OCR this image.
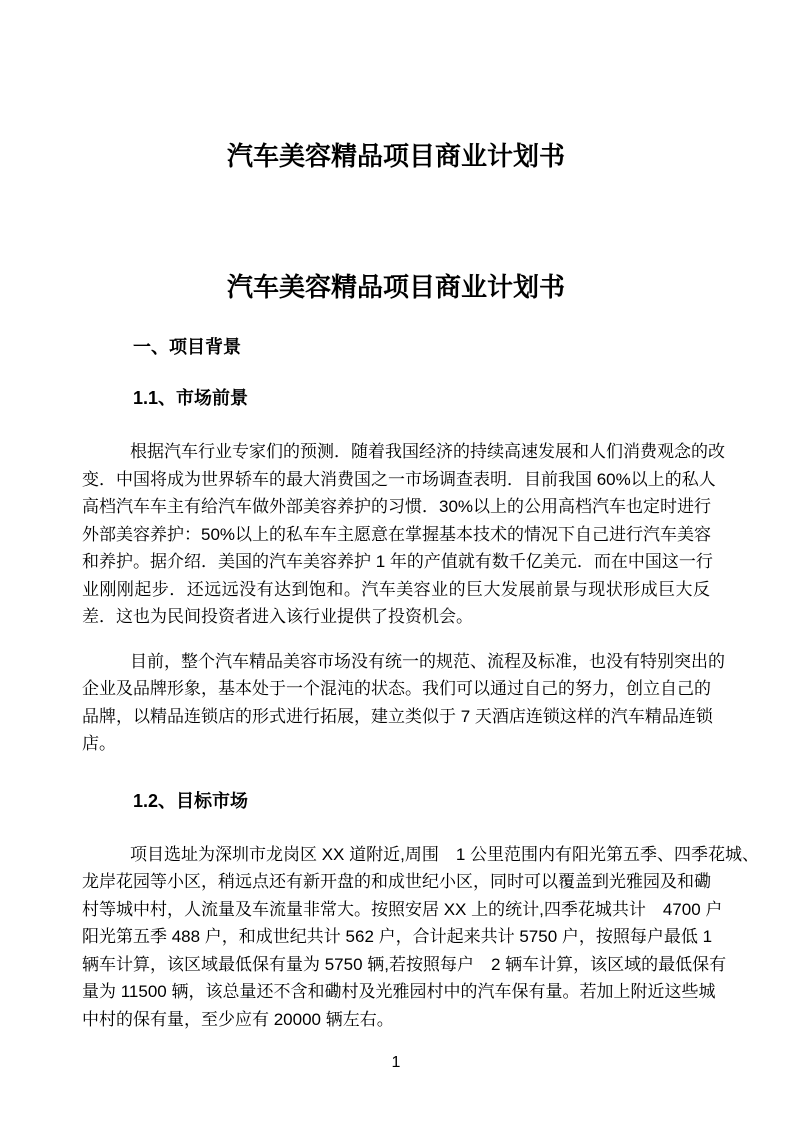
汽车美容精品项目商业计划书
汽车美容精品项目商业计划书
一、项目背景
1.1、市场前景
根据汽车行业专家们的预测．随着我国经济的持续高速发展和人们消费观念的改
变．中国将成为世界轿车的最大消费国之一市场调查表明．目前我国 60%以上的私人
高档汽车车主有给汽车做外部美容养护的习惯．30%以上的公用高档汽车也定时进行
外部美容养护：50%以上的私车车主愿意在掌握基本技术的情况下自己进行汽车美容
和养护。据介绍．美国的汽车美容养护 1 年的产值就有数千亿美元．而在中国这一行
业刚刚起步．还远远没有达到饱和。汽车美容业的巨大发展前景与现状形成巨大反
差．这也为民间投资者进入该行业提供了投资机会。
目前，整个汽车精品美容市场没有统一的规范、流程及标准，也没有特别突出的
企业及品牌形象，基本处于一个混沌的状态。我们可以通过自己的努力，创立自己的
品牌，以精品连锁店的形式进行拓展，建立类似于 7 天酒店连锁这样的汽车精品连锁
店。
1.2、目标市场
项目选址为深圳市龙岗区 XX 道附近,周围　1 公里范围内有阳光第五季、四季花城、
龙岸花园等小区，稍远点还有新开盘的和成世纪小区，同时可以覆盖到光雅园及和磡
村等城中村，人流量及车流量非常大。按照安居 XX 上的统计,四季花城共计　4700 户
阳光第五季 488 户，和成世纪共计 562 户，合计起来共计 5750 户，按照每户最低 1
辆车计算，该区域最低保有量为 5750 辆,若按照每户　2 辆车计算，该区域的最低保有
量为 11500 辆，该总量还不含和磡村及光雅园村中的汽车保有量。若加上附近这些城
中村的保有量，至少应有 20000 辆左右。
1
